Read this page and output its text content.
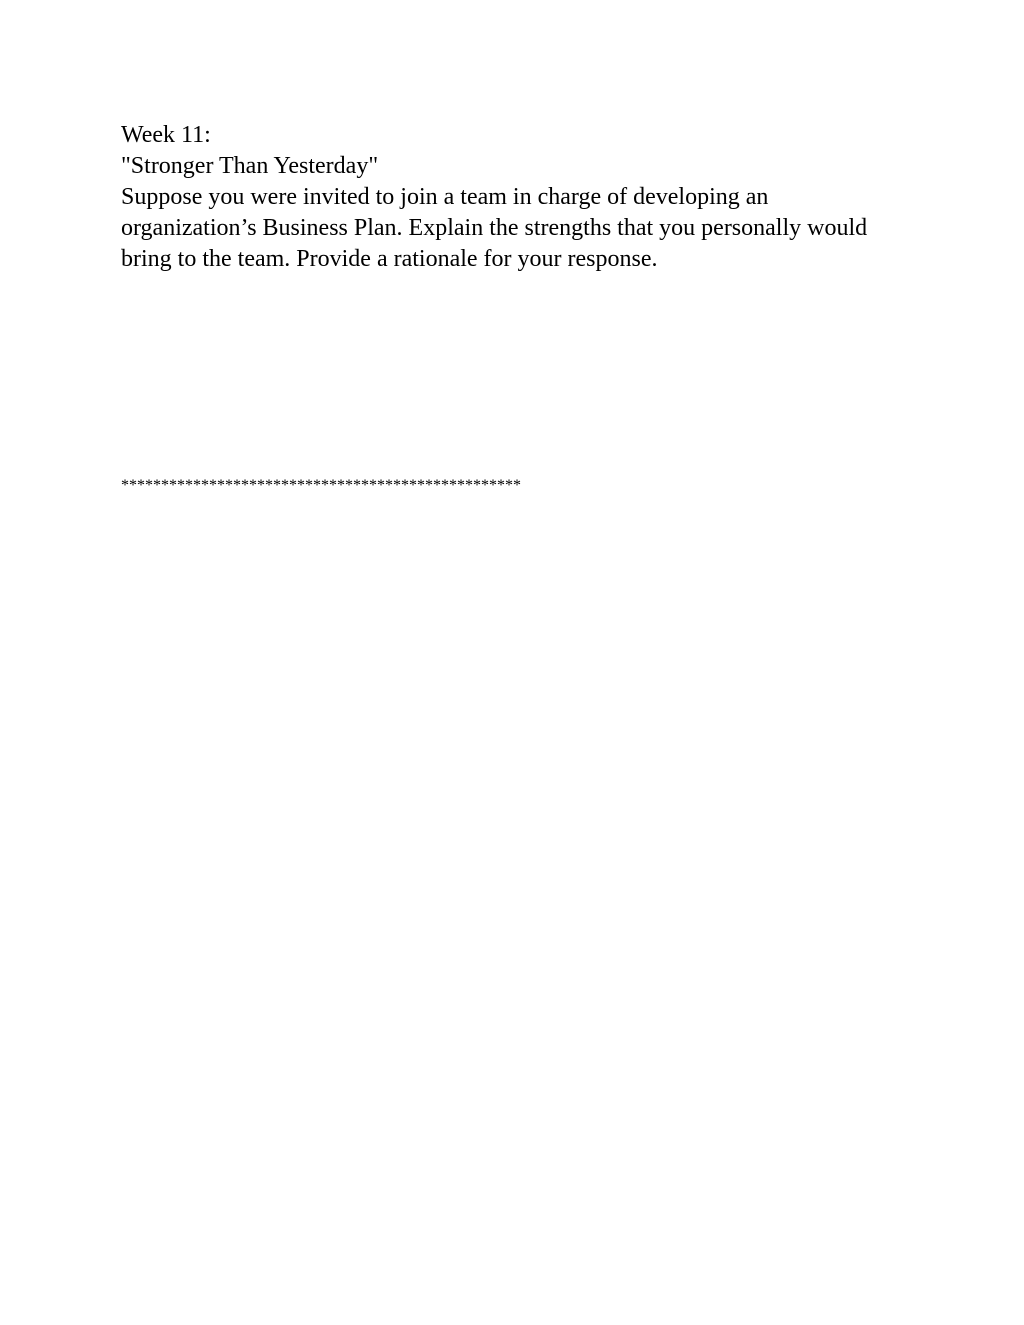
Week 11:

"Stronger Than Yesterday"

Suppose you were invited to join a team in charge of developing an organization’s Business Plan. Explain the strengths that you personally would bring to the team. Provide a rationale for your response.

**************************************************
